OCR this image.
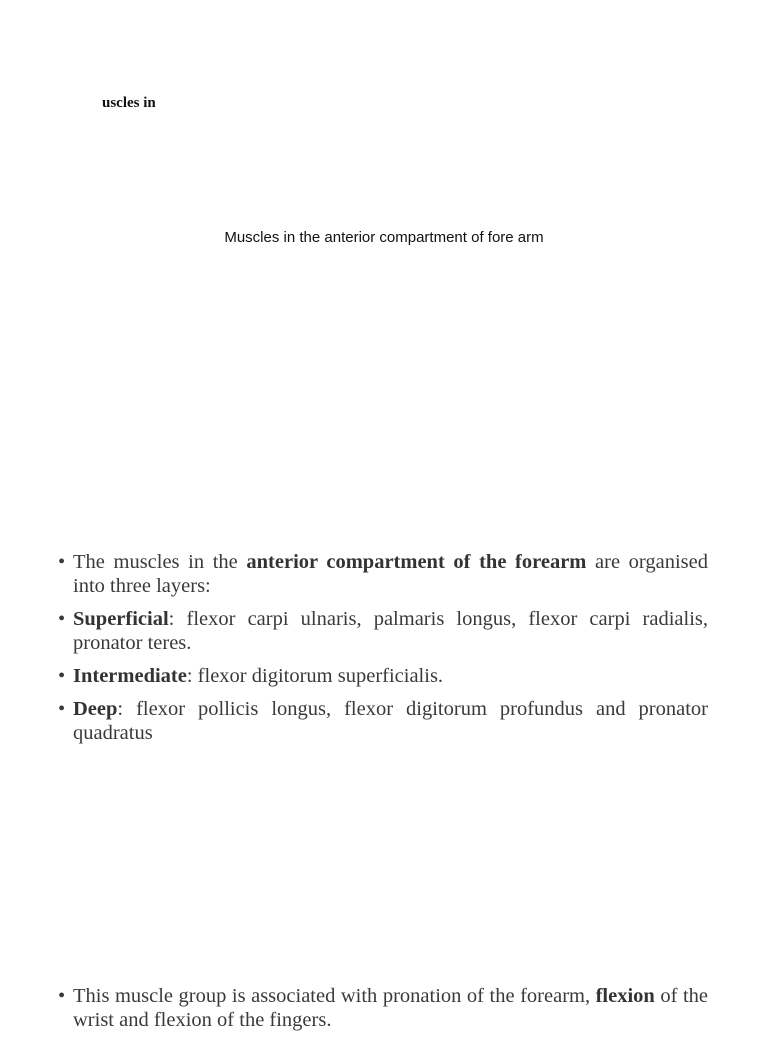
uscles in
Muscles in the anterior compartment of fore arm
• The muscles in the anterior compartment of the forearm are organised into three layers:
• Superficial: flexor carpi ulnaris, palmaris longus, flexor carpi radialis, pronator teres.
• Intermediate: flexor digitorum superficialis.
• Deep: flexor pollicis longus, flexor digitorum profundus and pronator quadratus
• This muscle group is associated with pronation of the forearm, flexion of the wrist and flexion of the fingers.
